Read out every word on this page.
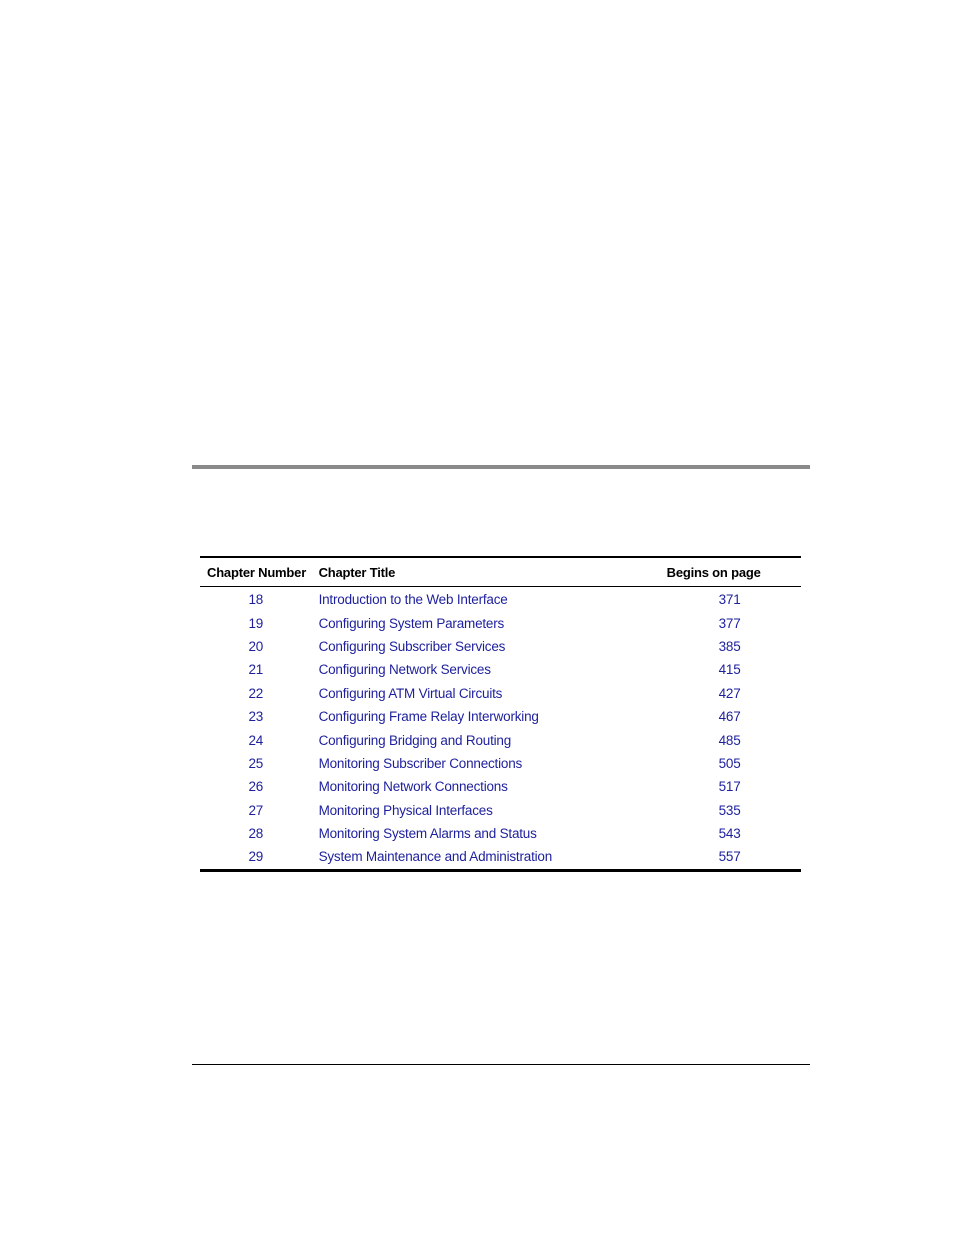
Chapter Number	Chapter Title	Begins on page
18	Introduction to the Web Interface	371
19	Configuring System Parameters	377
20	Configuring Subscriber Services	385
21	Configuring Network Services	415
22	Configuring ATM Virtual Circuits	427
23	Configuring Frame Relay Interworking	467
24	Configuring Bridging and Routing	485
25	Monitoring Subscriber Connections	505
26	Monitoring Network Connections	517
27	Monitoring Physical Interfaces	535
28	Monitoring System Alarms and Status	543
29	System Maintenance and Administration	557
